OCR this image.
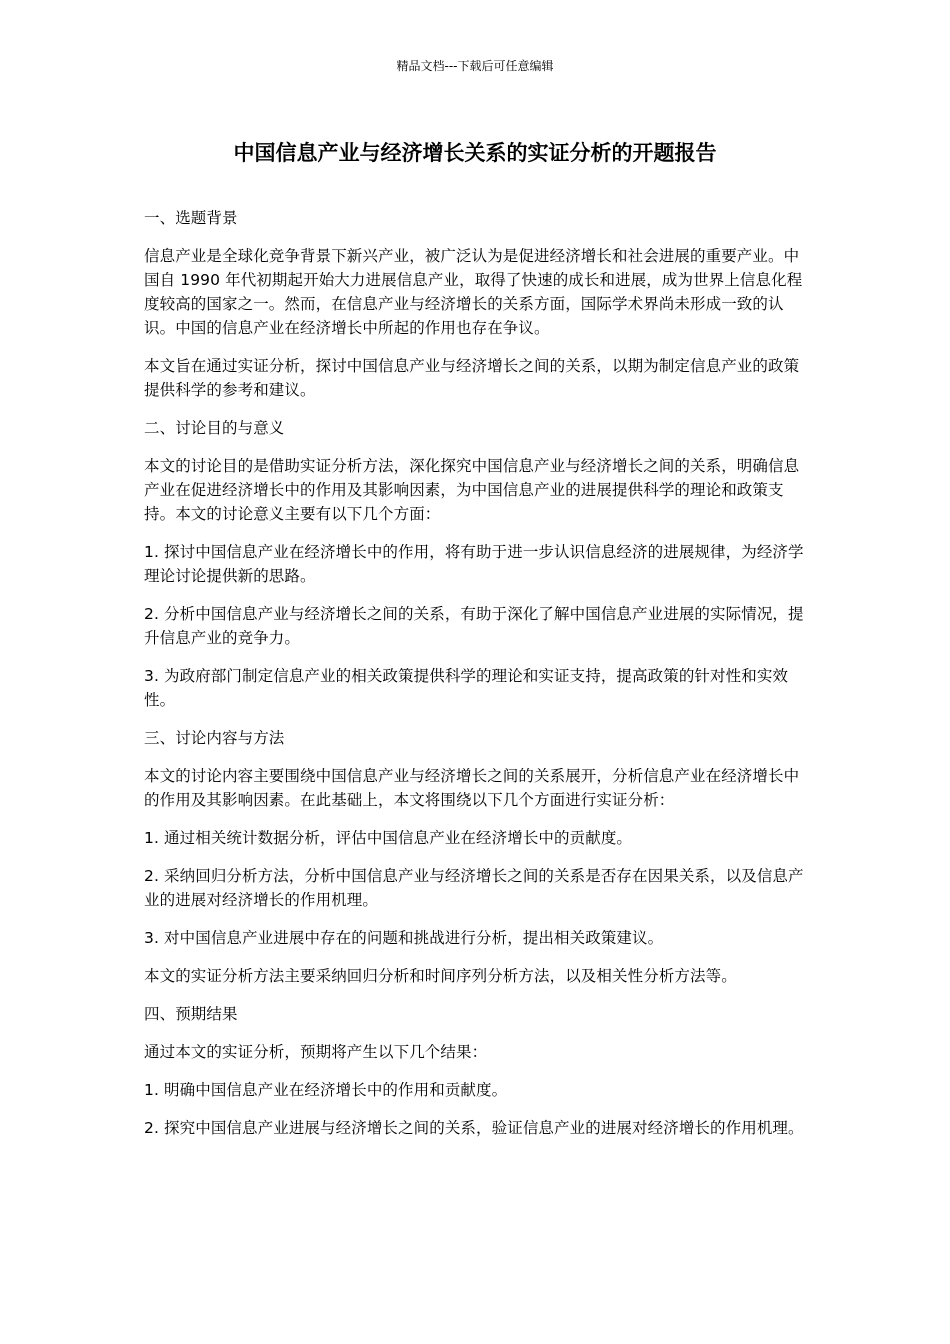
精品文档---下载后可任意编辑
中国信息产业与经济增长关系的实证分析的开题报告

一、选题背景

信息产业是全球化竞争背景下新兴产业，被广泛认为是促进经济增长和社会进展的重要产业。中国自 1990 年代初期起开始大力进展信息产业，取得了快速的成长和进展，成为世界上信息化程度较高的国家之一。然而，在信息产业与经济增长的关系方面，国际学术界尚未形成一致的认识。中国的信息产业在经济增长中所起的作用也存在争议。

本文旨在通过实证分析，探讨中国信息产业与经济增长之间的关系，以期为制定信息产业的政策提供科学的参考和建议。

二、讨论目的与意义

本文的讨论目的是借助实证分析方法，深化探究中国信息产业与经济增长之间的关系，明确信息产业在促进经济增长中的作用及其影响因素，为中国信息产业的进展提供科学的理论和政策支持。本文的讨论意义主要有以下几个方面：

1. 探讨中国信息产业在经济增长中的作用，将有助于进一步认识信息经济的进展规律，为经济学理论讨论提供新的思路。

2. 分析中国信息产业与经济增长之间的关系，有助于深化了解中国信息产业进展的实际情况，提升信息产业的竞争力。

3. 为政府部门制定信息产业的相关政策提供科学的理论和实证支持，提高政策的针对性和实效性。

三、讨论内容与方法

本文的讨论内容主要围绕中国信息产业与经济增长之间的关系展开，分析信息产业在经济增长中的作用及其影响因素。在此基础上，本文将围绕以下几个方面进行实证分析：

1. 通过相关统计数据分析，评估中国信息产业在经济增长中的贡献度。

2. 采纳回归分析方法，分析中国信息产业与经济增长之间的关系是否存在因果关系，以及信息产业的进展对经济增长的作用机理。

3. 对中国信息产业进展中存在的问题和挑战进行分析，提出相关政策建议。

本文的实证分析方法主要采纳回归分析和时间序列分析方法，以及相关性分析方法等。

四、预期结果

通过本文的实证分析，预期将产生以下几个结果：

1. 明确中国信息产业在经济增长中的作用和贡献度。

2. 探究中国信息产业进展与经济增长之间的关系，验证信息产业的进展对经济增长的作用机理。
